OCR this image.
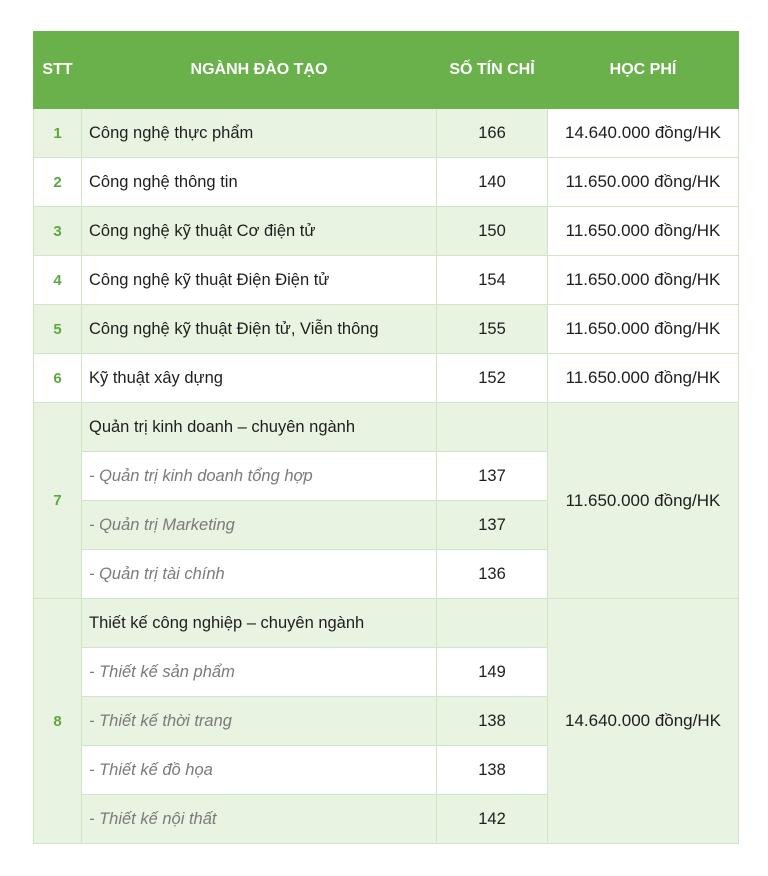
STT	NGÀNH ĐÀO TẠO	SỐ TÍN CHỈ	HỌC PHÍ
1	Công nghệ thực phẩm	166	14.640.000 đồng/HK
2	Công nghệ thông tin	140	11.650.000 đồng/HK
3	Công nghệ kỹ thuật Cơ điện tử	150	11.650.000 đồng/HK
4	Công nghệ kỹ thuật Điện Điện tử	154	11.650.000 đồng/HK
5	Công nghệ kỹ thuật Điện tử, Viễn thông	155	11.650.000 đồng/HK
6	Kỹ thuật xây dựng	152	11.650.000 đồng/HK
7	Quản trị kinh doanh – chuyên ngành		11.650.000 đồng/HK
	- Quản trị kinh doanh tổng hợp	137	
	- Quản trị Marketing	137	
	- Quản trị tài chính	136	
8	Thiết kế công nghiệp – chuyên ngành		14.640.000 đồng/HK
	- Thiết kế sản phẩm	149	
	- Thiết kế thời trang	138	
	- Thiết kế đồ họa	138	
	- Thiết kế nội thất	142	
